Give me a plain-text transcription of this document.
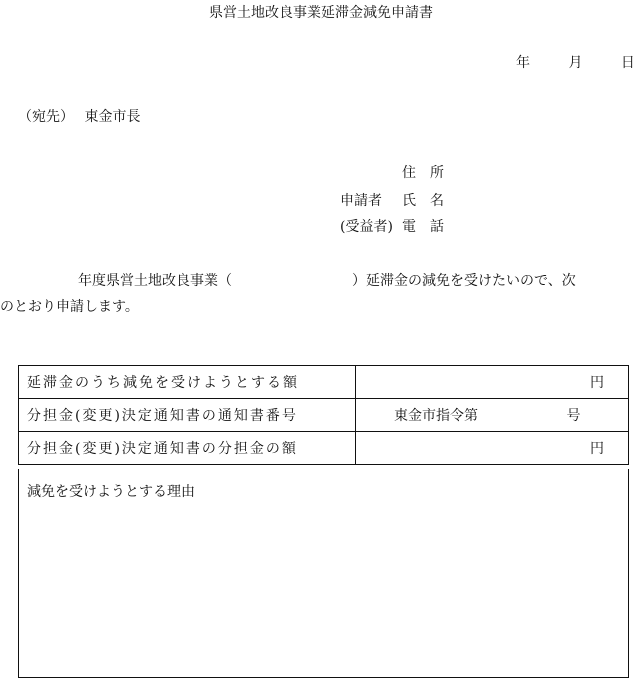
県営土地改良事業延滞金減免申請書
年	月	日
（宛先） 東金市長
住　所
申請者 氏　名
(受益者) 電　話
年度県営土地改良事業（	）延滞金の減免を受けたいので、次
のとおり申請します。
延滞金のうち減免を受けようとする額	円
分担金(変更)決定通知書の通知書番号	東金市指令第 号
分担金(変更)決定通知書の分担金の額	円
減免を受けようとする理由
